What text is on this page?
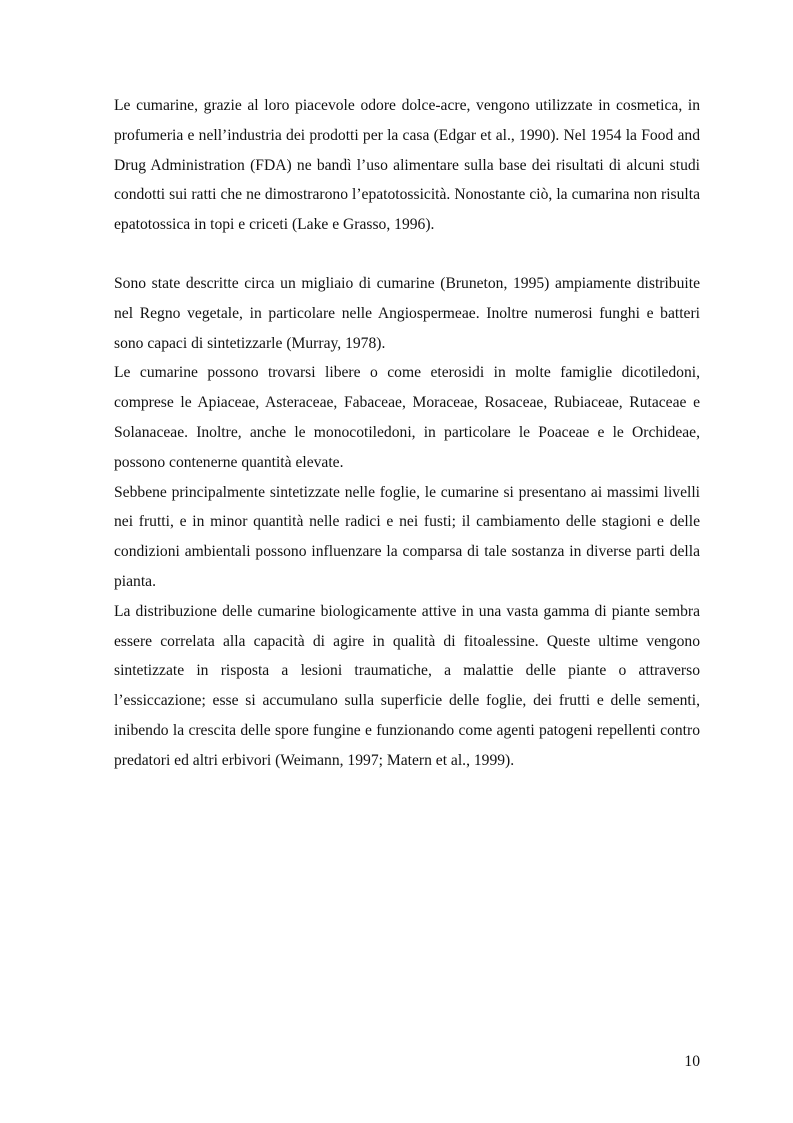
Le cumarine, grazie al loro piacevole odore dolce-acre, vengono utilizzate in cosmetica, in profumeria e nell’industria dei prodotti per la casa (Edgar et al., 1990). Nel 1954 la Food and Drug Administration (FDA) ne bandì l’uso alimentare sulla base dei risultati di alcuni studi condotti sui ratti che ne dimostrarono l’epatotossicità. Nonostante ciò, la cumarina non risulta epatotossica in topi e criceti (Lake e Grasso, 1996).

Sono state descritte circa un migliaio di cumarine (Bruneton, 1995) ampiamente distribuite nel Regno vegetale, in particolare nelle Angiospermeae. Inoltre numerosi funghi e batteri sono capaci di sintetizzarle (Murray, 1978).

Le cumarine possono trovarsi libere o come eterosidi in molte famiglie dicotiledoni, comprese le Apiaceae, Asteraceae, Fabaceae, Moraceae, Rosaceae, Rubiaceae, Rutaceae e Solanaceae. Inoltre, anche le monocotiledoni, in particolare le Poaceae e le Orchideae, possono contenerne quantità elevate.

Sebbene principalmente sintetizzate nelle foglie, le cumarine si presentano ai massimi livelli nei frutti, e in minor quantità nelle radici e nei fusti; il cambiamento delle stagioni e delle condizioni ambientali possono influenzare la comparsa di tale sostanza in diverse parti della pianta.

La distribuzione delle cumarine biologicamente attive in una vasta gamma di piante sembra essere correlata alla capacità di agire in qualità di fitoalessine. Queste ultime vengono sintetizzate in risposta a lesioni traumatiche, a malattie delle piante o attraverso l’essiccazione; esse si accumulano sulla superficie delle foglie, dei frutti e delle sementi, inibendo la crescita delle spore fungine e funzionando come agenti patogeni repellenti contro predatori ed altri erbivori (Weimann, 1997; Matern et al., 1999).

10
